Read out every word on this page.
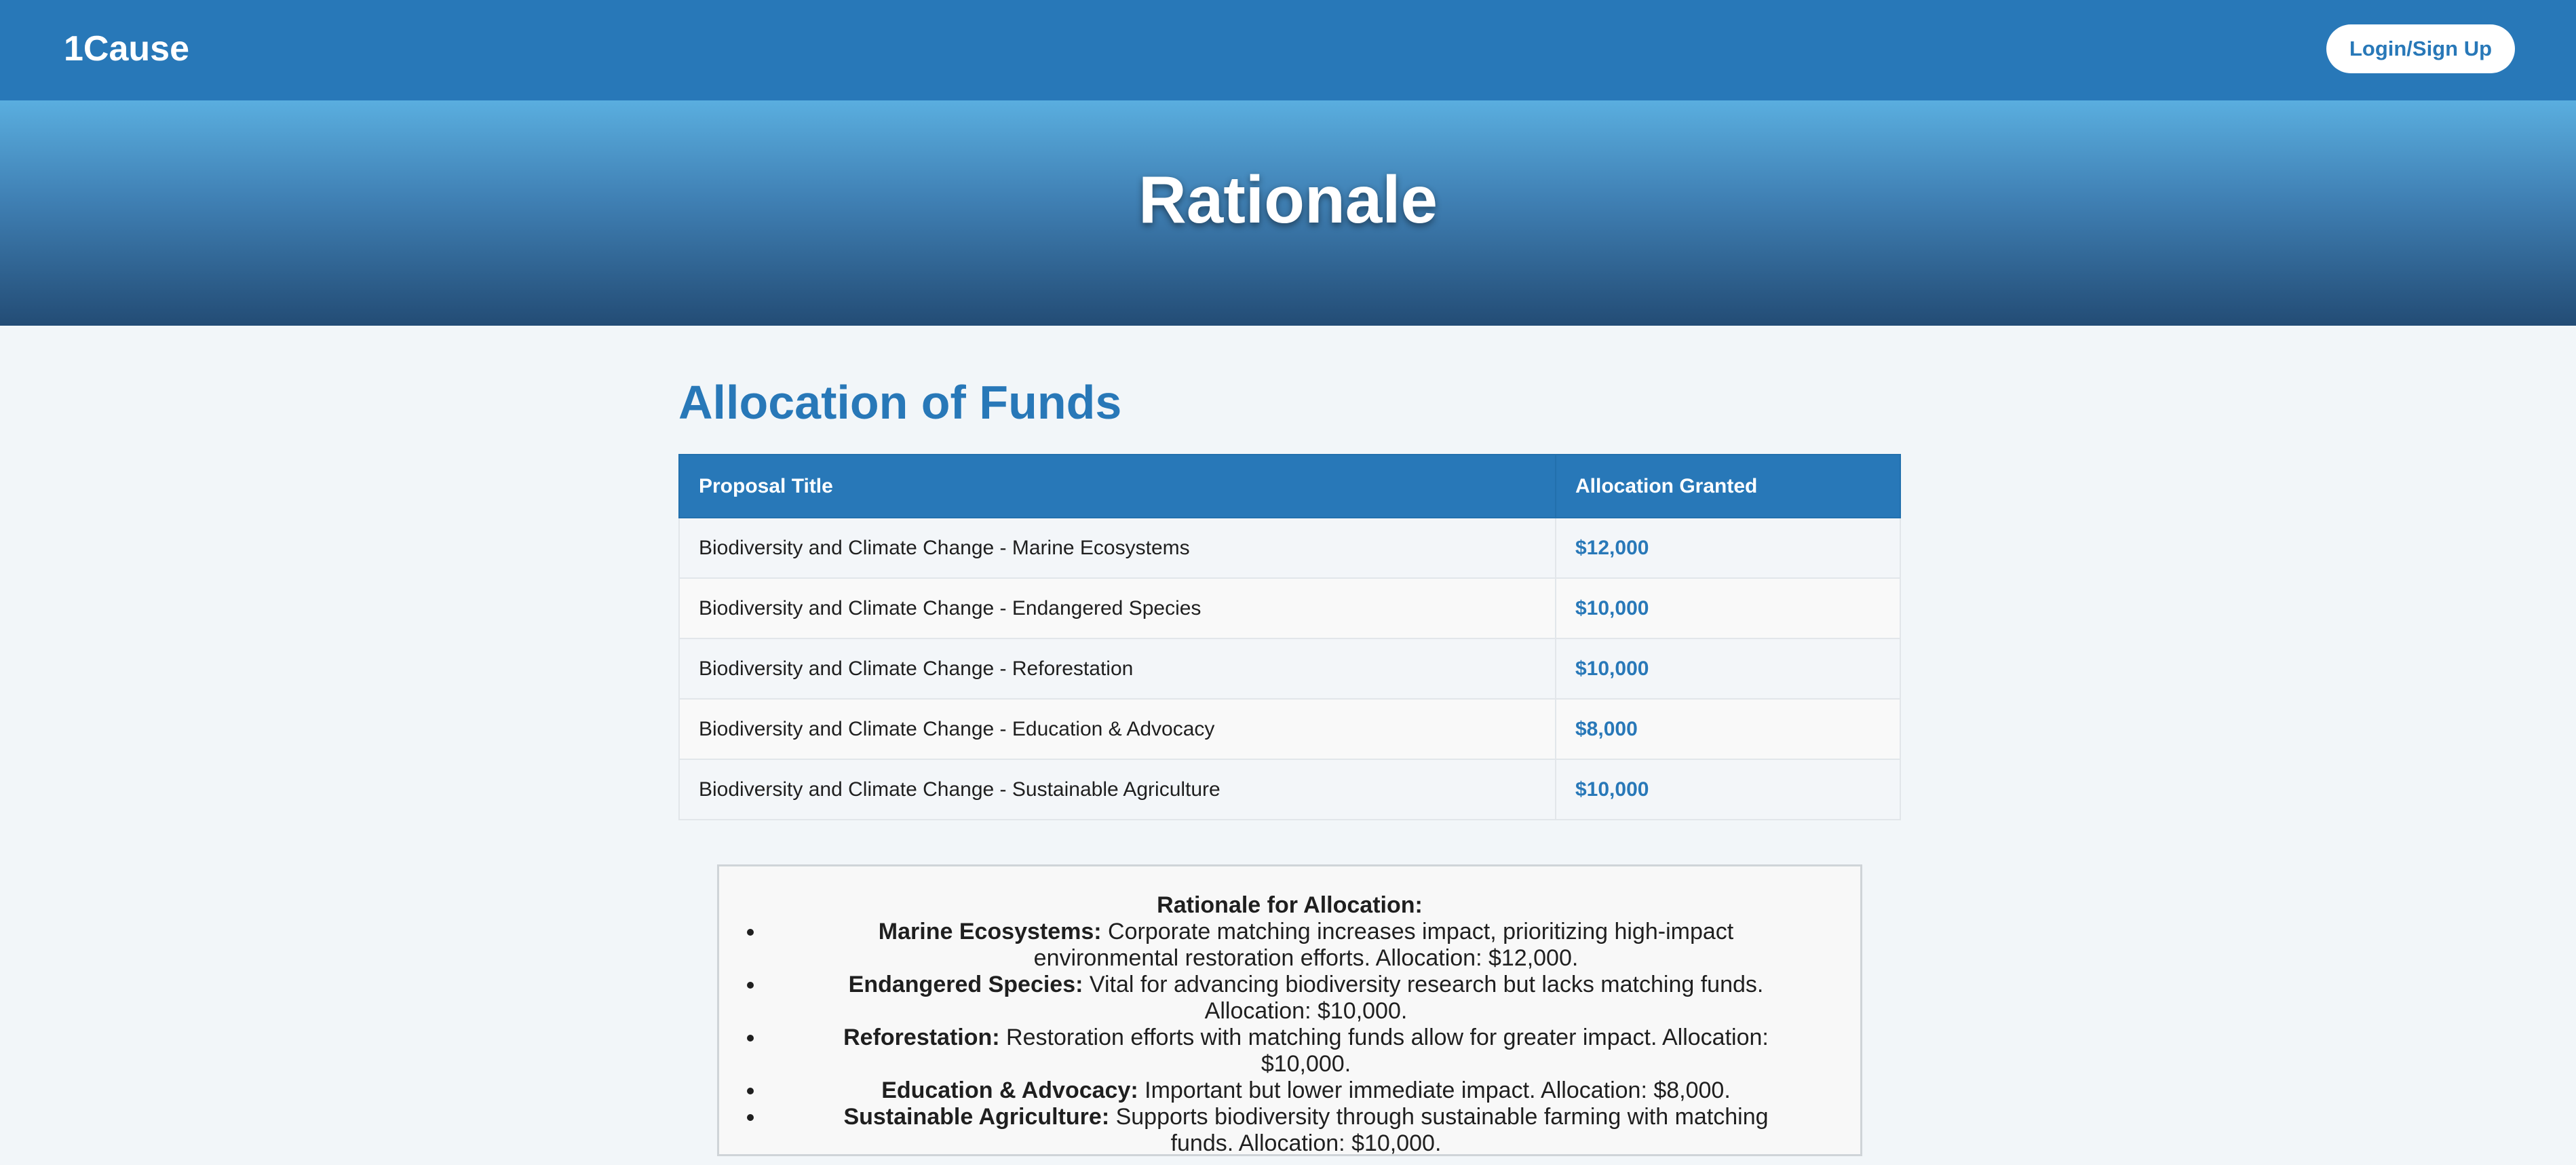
1Cause	Login/Sign Up
Rationale
Allocation of Funds
Proposal Title	Allocation Granted
Biodiversity and Climate Change - Marine Ecosystems	$12,000
Biodiversity and Climate Change - Endangered Species	$10,000
Biodiversity and Climate Change - Reforestation	$10,000
Biodiversity and Climate Change - Education & Advocacy	$8,000
Biodiversity and Climate Change - Sustainable Agriculture	$10,000
Rationale for Allocation:
• Marine Ecosystems: Corporate matching increases impact, prioritizing high-impact environmental restoration efforts. Allocation: $12,000.
• Endangered Species: Vital for advancing biodiversity research but lacks matching funds. Allocation: $10,000.
• Reforestation: Restoration efforts with matching funds allow for greater impact. Allocation: $10,000.
• Education & Advocacy: Important but lower immediate impact. Allocation: $8,000.
• Sustainable Agriculture: Supports biodiversity through sustainable farming with matching funds. Allocation: $10,000.
